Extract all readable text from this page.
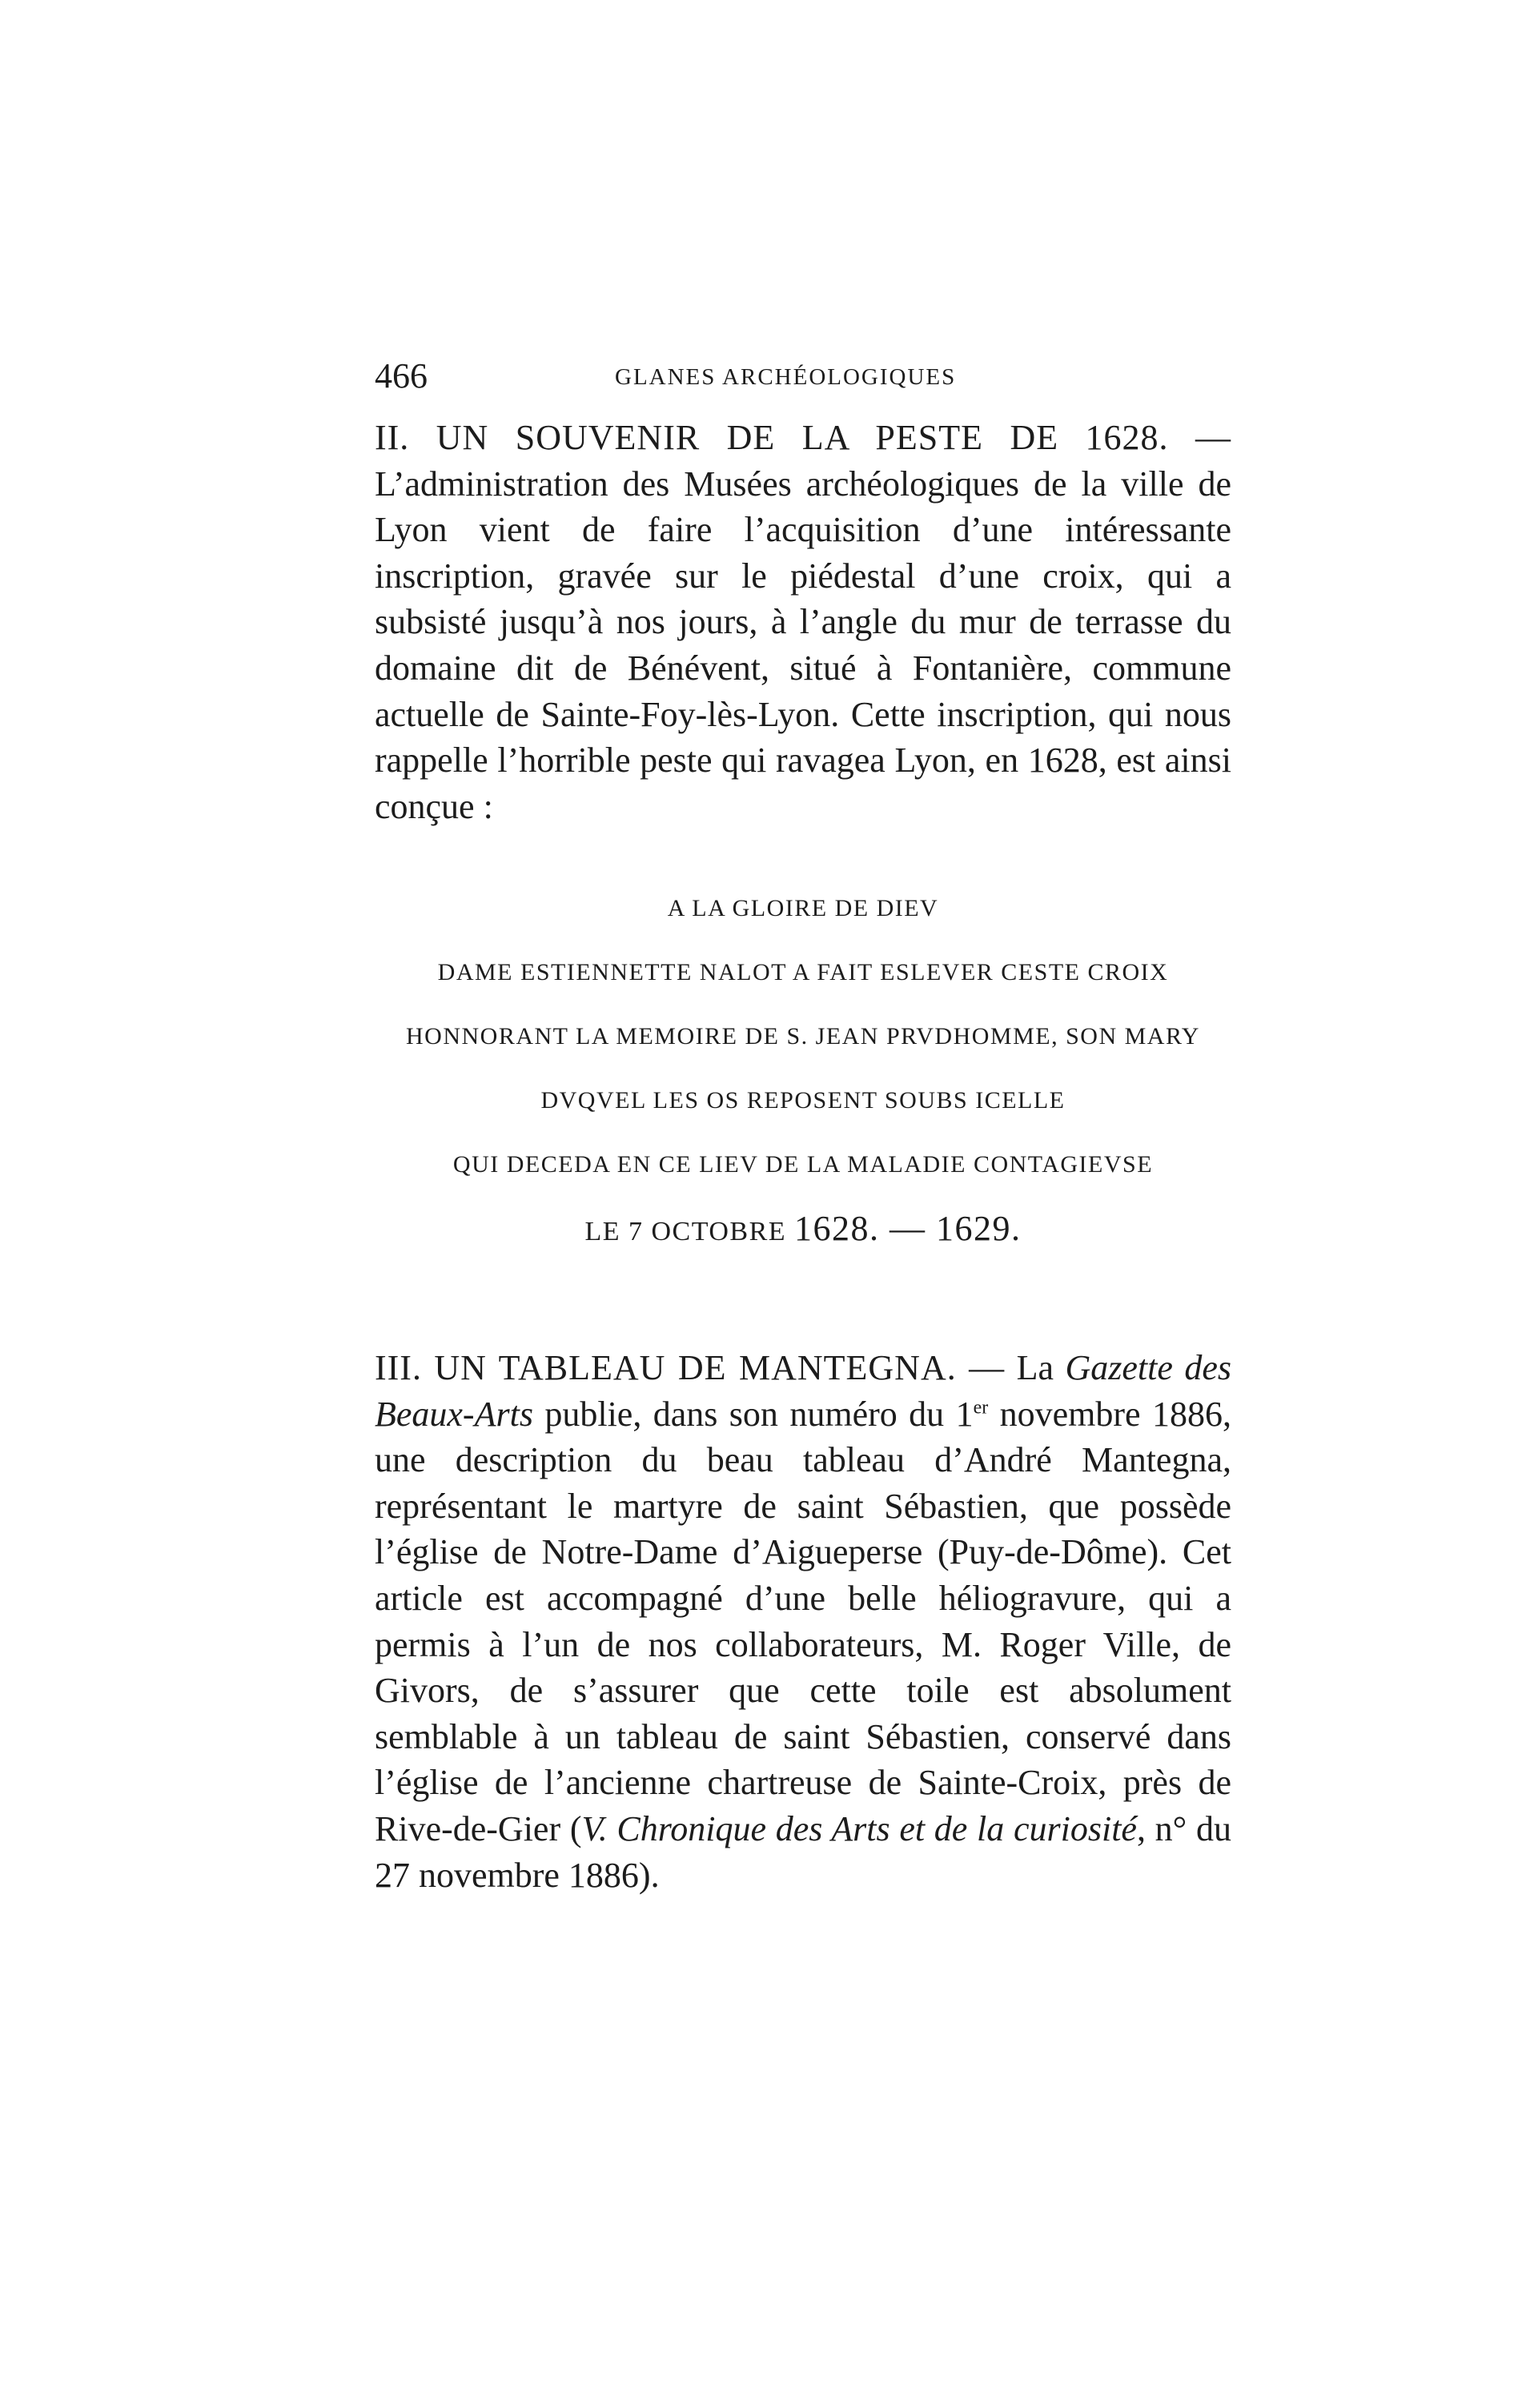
466	GLANES ARCHÉOLOGIQUES

II. UN SOUVENIR DE LA PESTE DE 1628. — L’administration des Musées archéologiques de la ville de Lyon vient de faire l’acquisition d’une intéressante inscription, gravée sur le piédestal d’une croix, qui a subsisté jusqu’à nos jours, à l’angle du mur de terrasse du domaine dit de Bénévent, situé à Fontanière, commune actuelle de Sainte-Foy-lès-Lyon. Cette inscription, qui nous rappelle l’horrible peste qui ravagea Lyon, en 1628, est ainsi conçue :

A LA GLOIRE DE DIEV
DAME ESTIENNETTE NALOT A FAIT ESLEVER CESTE CROIX
HONNORANT LA MEMOIRE DE S. JEAN PRVDHOMME, SON MARY
DVQVEL LES OS REPOSENT SOUBS ICELLE
QUI DECEDA EN CE LIEV DE LA MALADIE CONTAGIEVSE
LE 7 OCTOBRE 1628. — 1629.

III. UN TABLEAU DE MANTEGNA. — La Gazette des Beaux-Arts publie, dans son numéro du 1er novembre 1886, une description du beau tableau d’André Mantegna, représentant le martyre de saint Sébastien, que possède l’église de Notre-Dame d’Aigueperse (Puy-de-Dôme). Cet article est accompagné d’une belle héliogravure, qui a permis à l’un de nos collaborateurs, M. Roger Ville, de Givors, de s’assurer que cette toile est absolument semblable à un tableau de saint Sébastien, conservé dans l’église de l’ancienne chartreuse de Sainte-Croix, près de Rive-de-Gier (V. Chronique des Arts et de la curiosité, n° du 27 novembre 1886).
